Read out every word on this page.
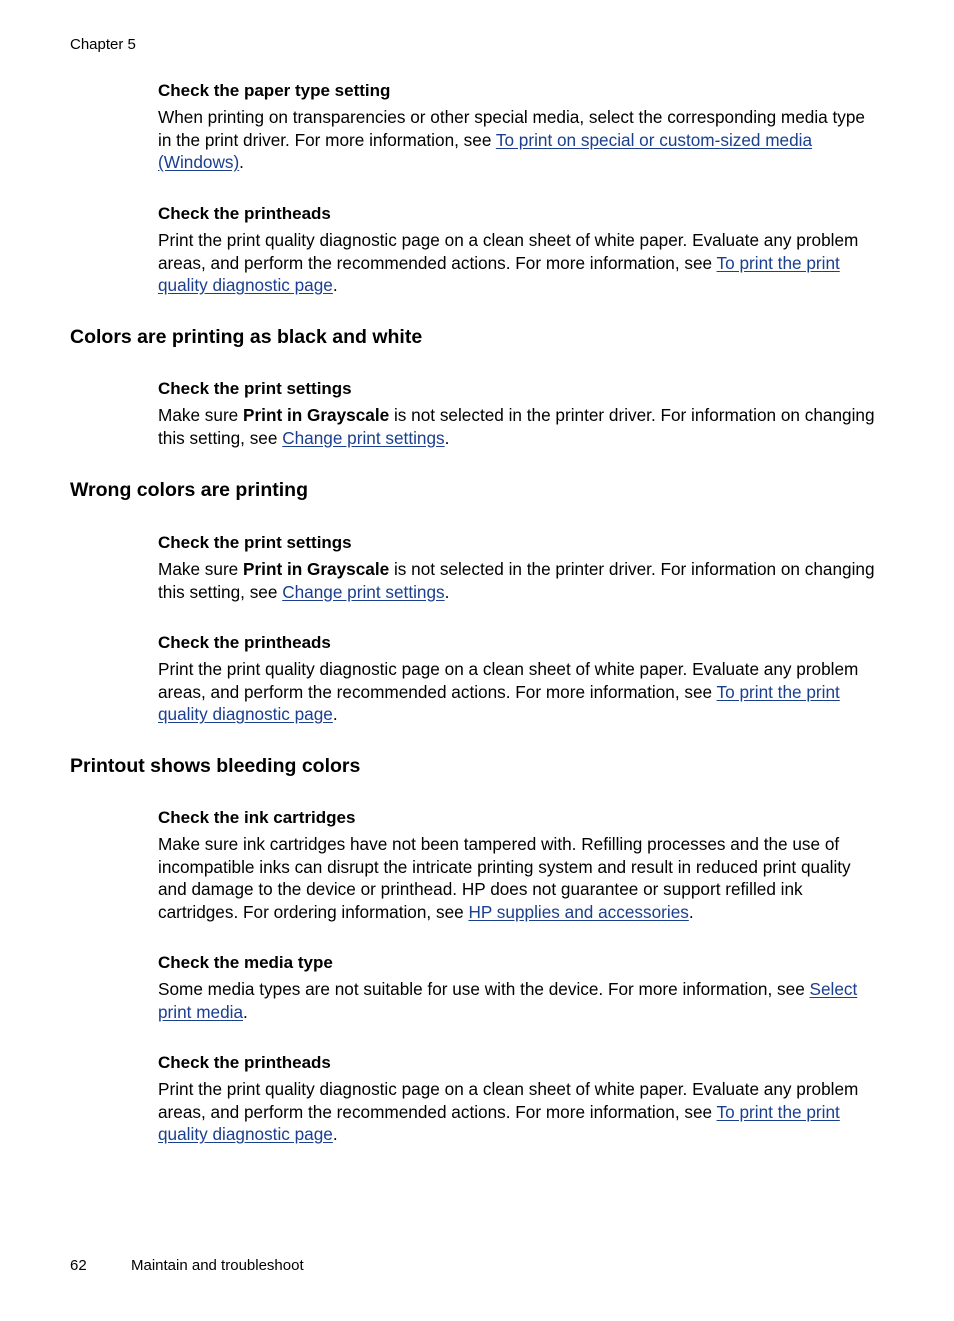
Chapter 5
Check the paper type setting

When printing on transparencies or other special media, select the corresponding media type in the print driver. For more information, see To print on special or custom-sized media (Windows).

Check the printheads

Print the print quality diagnostic page on a clean sheet of white paper. Evaluate any problem areas, and perform the recommended actions. For more information, see To print the print quality diagnostic page.

Colors are printing as black and white
Check the print settings

Make sure Print in Grayscale is not selected in the printer driver. For information on changing this setting, see Change print settings.

Wrong colors are printing
Check the print settings

Make sure Print in Grayscale is not selected in the printer driver. For information on changing this setting, see Change print settings.

Check the printheads

Print the print quality diagnostic page on a clean sheet of white paper. Evaluate any problem areas, and perform the recommended actions. For more information, see To print the print quality diagnostic page.

Printout shows bleeding colors
Check the ink cartridges

Make sure ink cartridges have not been tampered with. Refilling processes and the use of incompatible inks can disrupt the intricate printing system and result in reduced print quality and damage to the device or printhead. HP does not guarantee or support refilled ink cartridges. For ordering information, see HP supplies and accessories.

Check the media type

Some media types are not suitable for use with the device. For more information, see Select print media.

Check the printheads

Print the print quality diagnostic page on a clean sheet of white paper. Evaluate any problem areas, and perform the recommended actions. For more information, see To print the print quality diagnostic page.

62	Maintain and troubleshoot
